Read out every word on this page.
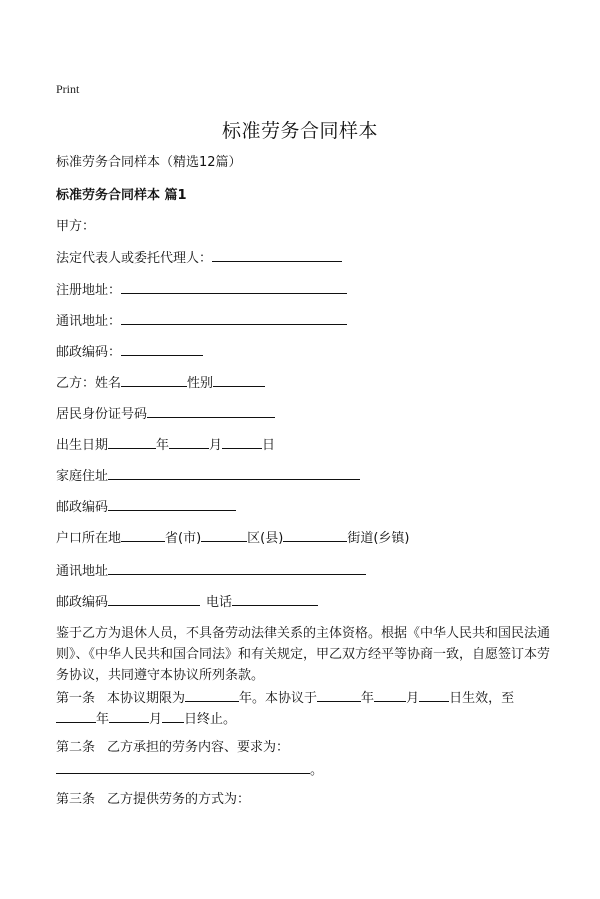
Print
标准劳务合同样本
标准劳务合同样本（精选12篇）
标准劳务合同样本 篇1
甲方：
法定代表人或委托代理人：
注册地址：
通讯地址：
邮政编码：
乙方：姓名	性别
居民身份证号码
出生日期	年	月	日
家庭住址
邮政编码
户口所在地	省(市)	区(县)	街道(乡镇)
通讯地址
邮政编码	电话
鉴于乙方为退休人员，不具备劳动法律关系的主体资格。根据《中华人民共和国民法通则》、《中华人民共和国合同法》和有关规定，甲乙双方经平等协商一致，自愿签订本劳务协议，共同遵守本协议所列条款。
第一条 本协议期限为	年。本协议于	年 月 日生效，至
年	月 日终止。
第二条 乙方承担的劳务内容、要求为：
。
第三条 乙方提供劳务的方式为：
